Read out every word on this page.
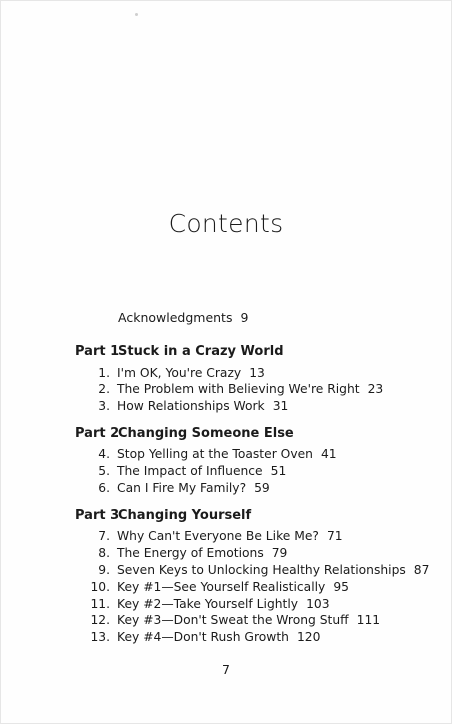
Contents
Acknowledgments 9
Part 1Stuck in a Crazy World
1. I'm OK, You're Crazy 13
2. The Problem with Believing We're Right 23
3. How Relationships Work 31
Part 2Changing Someone Else
4. Stop Yelling at the Toaster Oven 41
5. The Impact of Influence 51
6. Can I Fire My Family? 59
Part 3Changing Yourself
7. Why Can't Everyone Be Like Me? 71
8. The Energy of Emotions 79
9. Seven Keys to Unlocking Healthy Relationships 87
10. Key #1—See Yourself Realistically 95
11. Key #2—Take Yourself Lightly 103
12. Key #3—Don't Sweat the Wrong Stuff 111
13. Key #4—Don't Rush Growth 120
7
